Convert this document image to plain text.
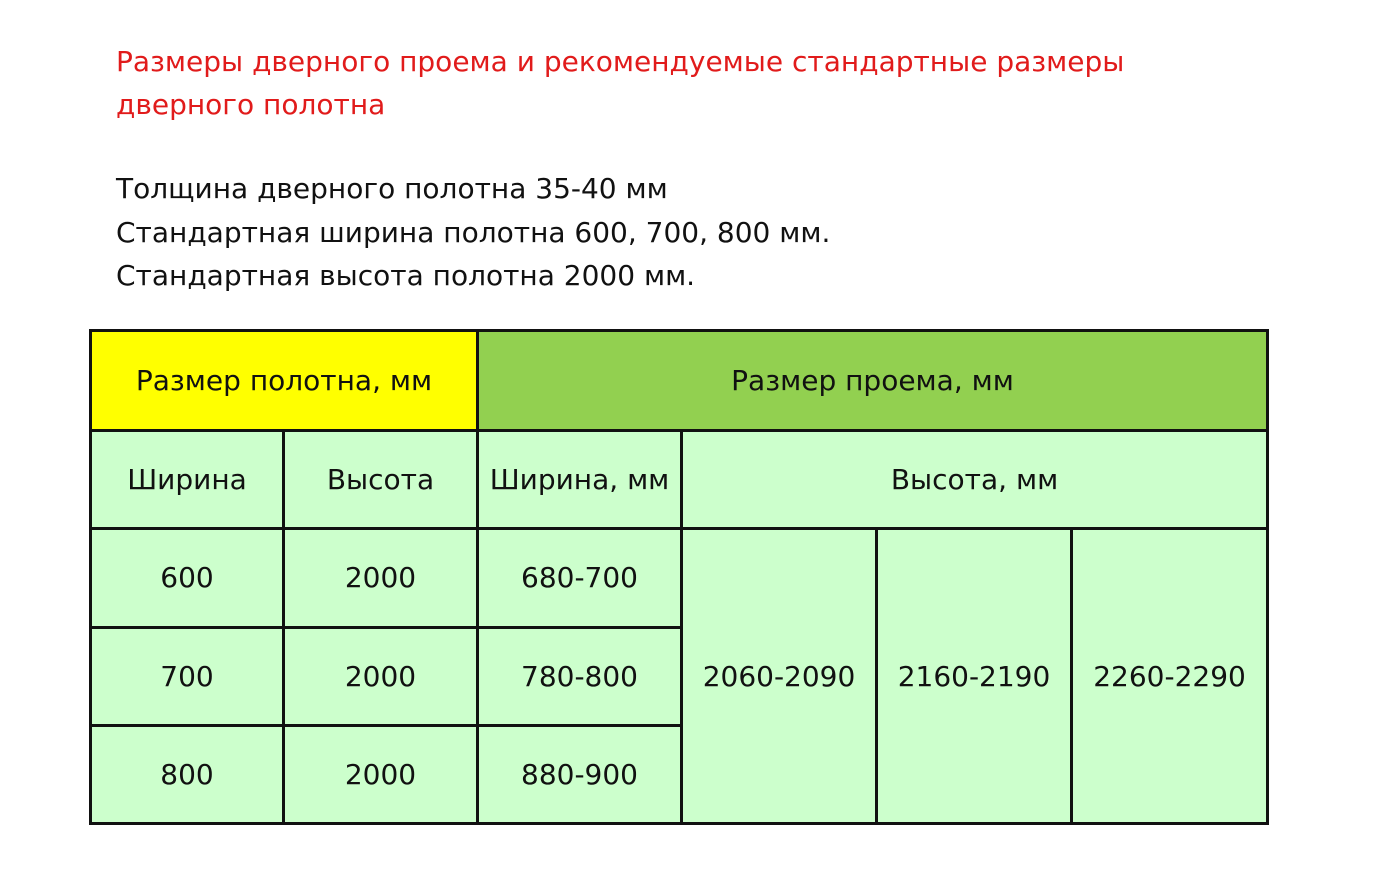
Размеры дверного проема и рекомендуемые стандартные размеры дверного полотна
Толщина дверного полотна 35-40 мм
Стандартная ширина полотна 600, 700, 800 мм.
Стандартная высота полотна 2000 мм.
Размер полотна, мм		Размер проема, мм			
Ширина	Высота	Ширина, мм	Высота, мм		
600	2000	680-700	2060-2090	2160-2190	2260-2290
700	2000	780-800			
800	2000	880-900			
